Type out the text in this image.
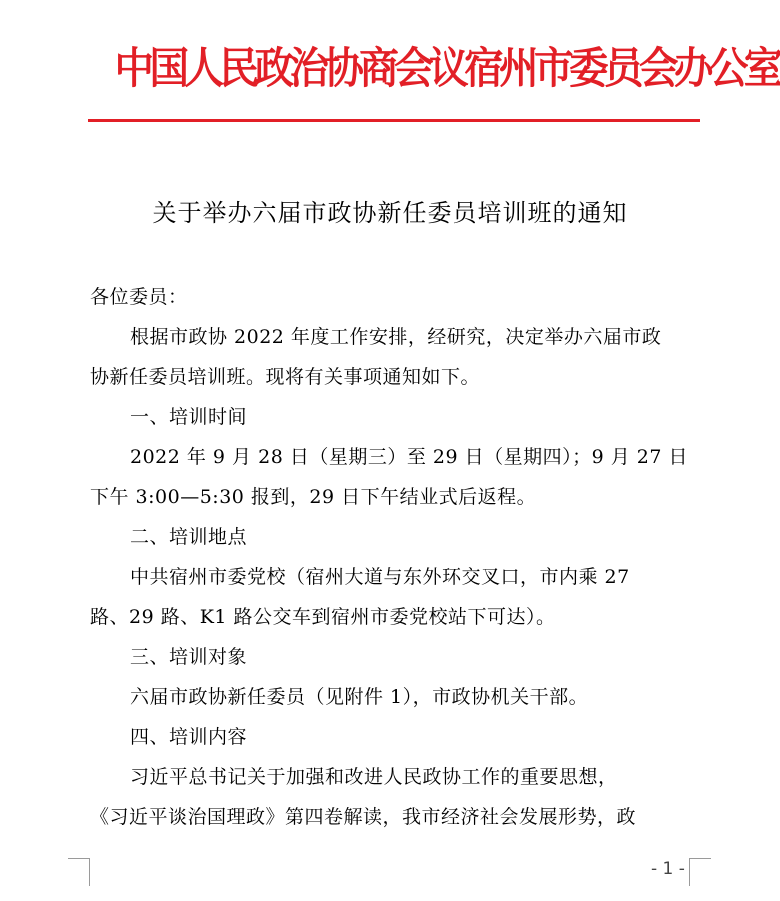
中国人民政治协商会议宿州市委员会办公室
关于举办六届市政协新任委员培训班的通知

各位委员：

根据市政协 2022 年度工作安排，经研究，决定举办六届市政

协新任委员培训班。现将有关事项通知如下。

一、培训时间

2022 年 9 月 28 日（星期三）至 29 日（星期四）；9 月 27 日

下午 3:00—5:30 报到，29 日下午结业式后返程。

二、培训地点

中共宿州市委党校（宿州大道与东外环交叉口，市内乘 27

路、29 路、K1 路公交车到宿州市委党校站下可达）。

三、培训对象

六届市政协新任委员（见附件 1），市政协机关干部。

四、培训内容

习近平总书记关于加强和改进人民政协工作的重要思想，

《习近平谈治国理政》第四卷解读，我市经济社会发展形势，政

- 1 -
